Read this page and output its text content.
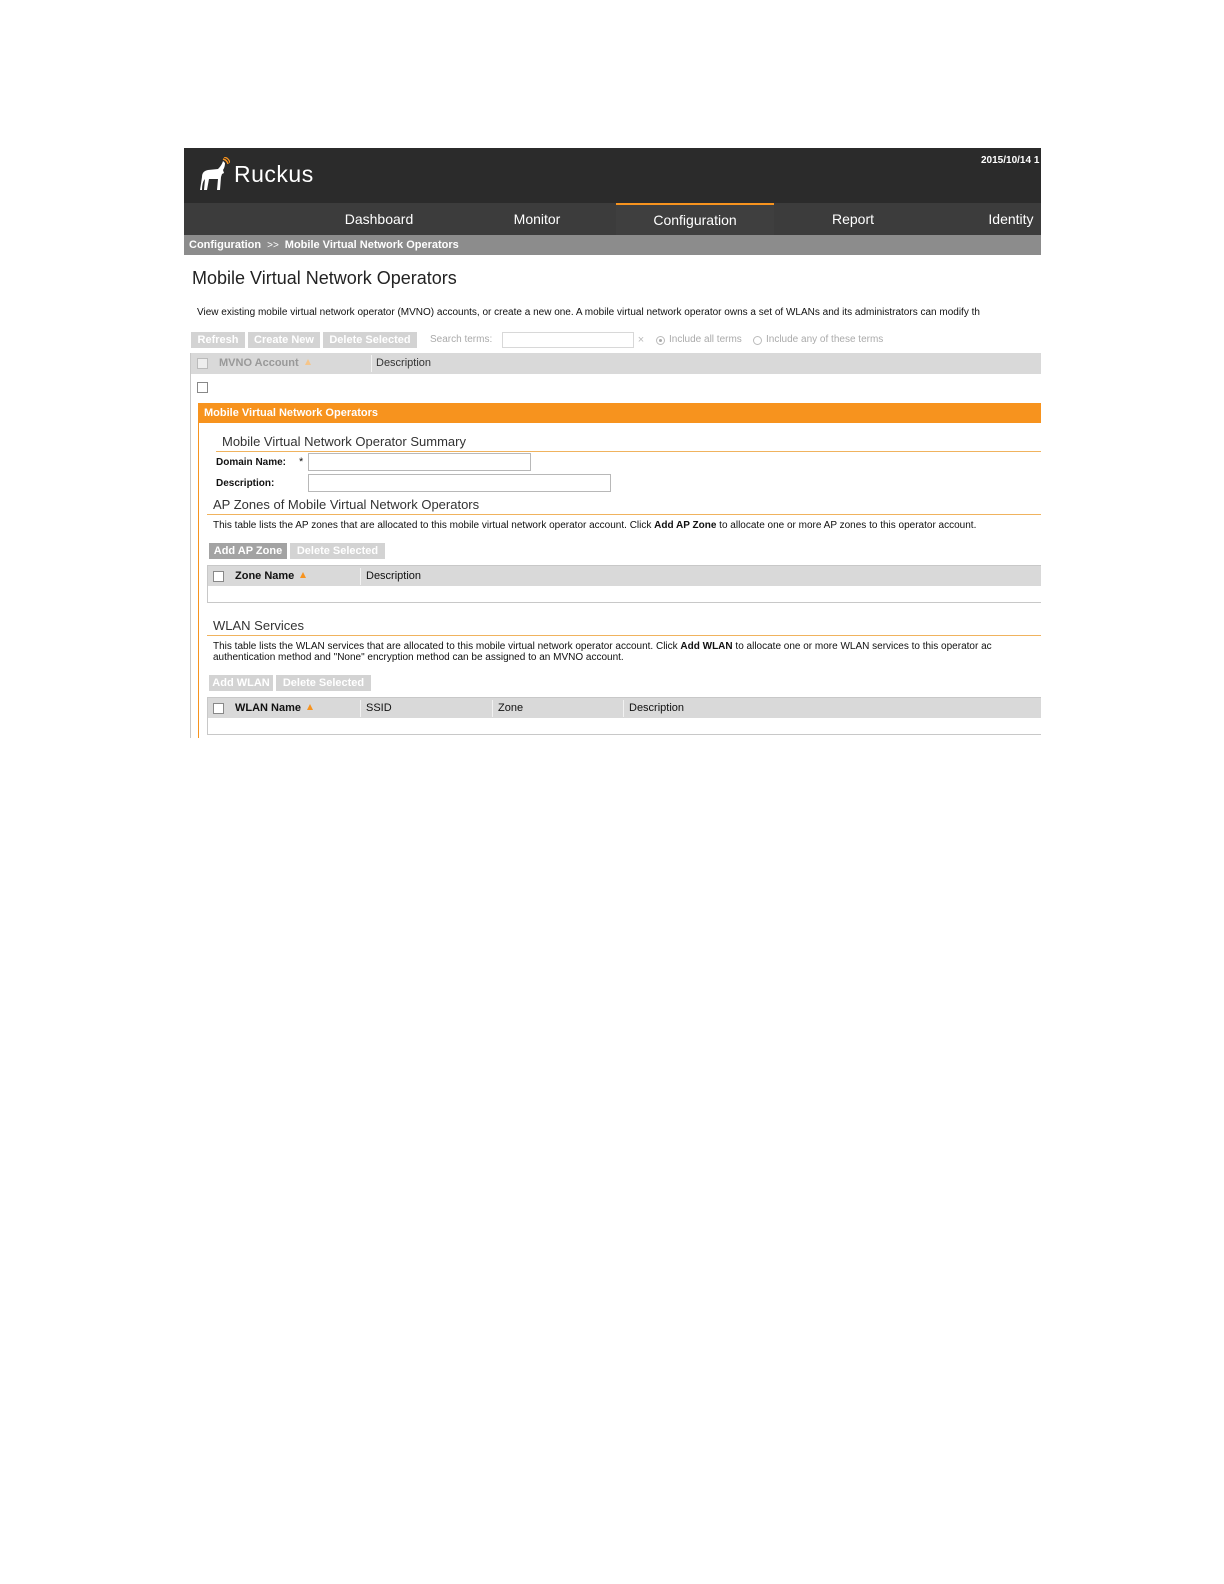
Ruckus	2015/10/14 1
Dashboard	Monitor	Configuration	Report	Identity
Configuration >> Mobile Virtual Network Operators
Mobile Virtual Network Operators
View existing mobile virtual network operator (MVNO) accounts, or create a new one. A mobile virtual network operator owns a set of WLANs and its administrators can modify th
Refresh	Create New	Delete Selected	Search terms:	×	Include all terms Include any of these terms
MVNO Account	Description
Mobile Virtual Network Operators
Mobile Virtual Network Operator Summary
Domain Name: *
Description:
AP Zones of Mobile Virtual Network Operators
This table lists the AP zones that are allocated to this mobile virtual network operator account. Click Add AP Zone to allocate one or more AP zones to this operator account.
Add AP Zone	Delete Selected
Zone Name	Description
WLAN Services
This table lists the WLAN services that are allocated to this mobile virtual network operator account. Click Add WLAN to allocate one or more WLAN services to this operator ac
authentication method and "None" encryption method can be assigned to an MVNO account.
Add WLAN	Delete Selected
WLAN Name	SSID	Zone	Description
